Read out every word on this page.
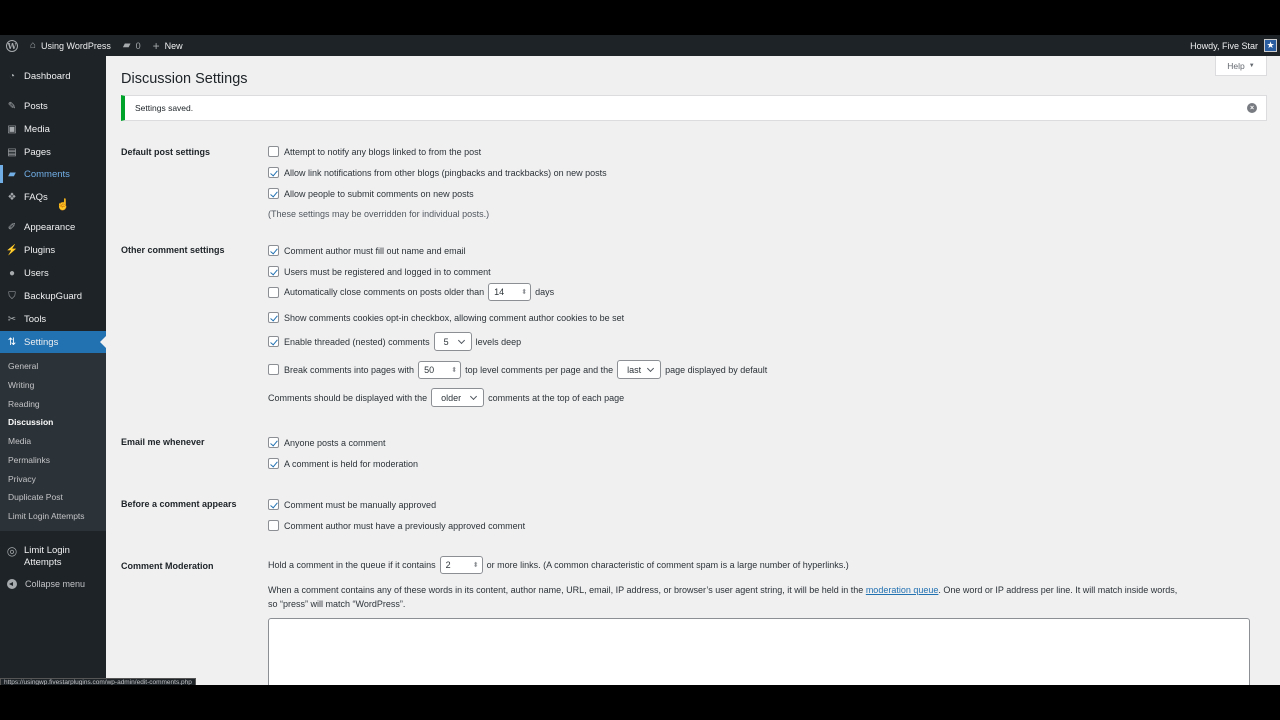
W ⌂ Using WordPress ▰ 0 + New	Howdy, Five Star ★
◔ Dashboard
✎ Posts
▣ Media
▤ Pages
▰ Comments
❖ FAQs
✐ Appearance
⚡ Plugins
● Users
⛉ BackupGuard
✂ Tools
⇅ Settings
General
Writing
Reading
Discussion
Media
Permalinks
Privacy
Duplicate Post
Limit Login Attempts
◎ Limit Login Attempts
Collapse menu
☝
Help ▼
Discussion Settings
Settings saved.	×
Default post settings	Attempt to notify any blogs linked to from the post
Allow link notifications from other blogs (pingbacks and trackbacks) on new posts
Allow people to submit comments on new posts
(These settings may be overridden for individual posts.)
Other comment settings	Comment author must fill out name and email
Users must be registered and logged in to comment
Automatically close comments on posts older than	14 ⬍	days
Show comments cookies opt-in checkbox, allowing comment author cookies to be set
Enable threaded (nested) comments	5	levels deep
Break comments into pages with	50 ⬍	top level comments per page and the	last	page displayed by default
Comments should be displayed with the	older	comments at the top of each page
Email me whenever	Anyone posts a comment
A comment is held for moderation
Before a comment appears	Comment must be manually approved
Comment author must have a previously approved comment
Comment Moderation	Hold a comment in the queue if it contains	2 ⬍	or more links. (A common characteristic of comment spam is a large number of hyperlinks.)
When a comment contains any of these words in its content, author name, URL, email, IP address, or browser’s user agent string, it will be held in the moderation queue. One word or IP address per line. It will match inside words,
so “press” will match “WordPress”.
https://usingwp.fivestarplugins.com/wp-admin/edit-comments.php
